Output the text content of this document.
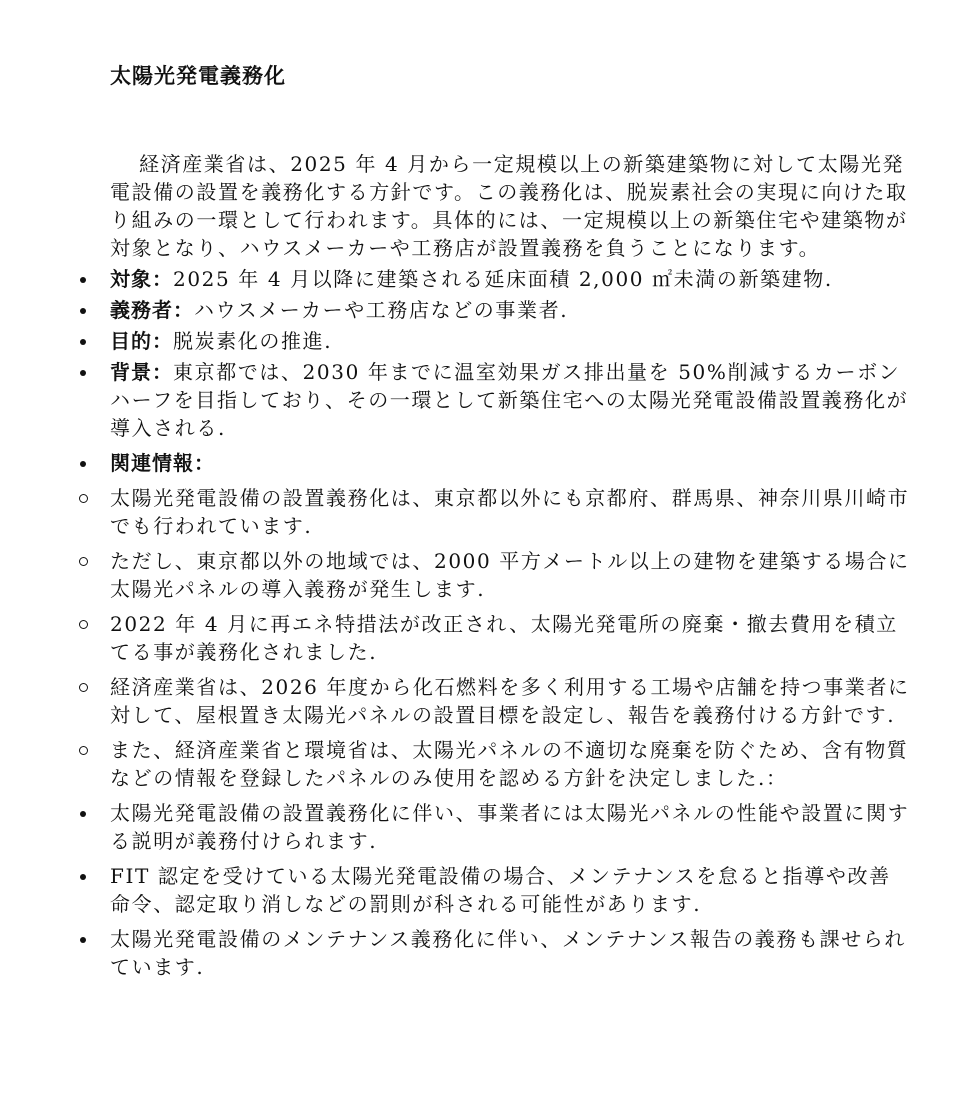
太陽光発電義務化

経済産業省は、2025 年 4 月から一定規模以上の新築建築物に対して太陽光発電設備の設置を義務化する方針です。この義務化は、脱炭素社会の実現に向けた取り組みの一環として行われます。具体的には、一定規模以上の新築住宅や建築物が対象となり、ハウスメーカーや工務店が設置義務を負うことになります。

対象：2025 年 4 月以降に建築される延床面積 2,000 ㎡未満の新築建物.
義務者：ハウスメーカーや工務店などの事業者.
目的：脱炭素化の推進.
背景：東京都では、2030 年までに温室効果ガス排出量を 50%削減するカーボンハーフを目指しており、その一環として新築住宅への太陽光発電設備設置義務化が導入される.
関連情報：
太陽光発電設備の設置義務化は、東京都以外にも京都府、群馬県、神奈川県川崎市でも行われています.
ただし、東京都以外の地域では、2000 平方メートル以上の建物を建築する場合に太陽光パネルの導入義務が発生します.
2022 年 4 月に再エネ特措法が改正され、太陽光発電所の廃棄・撤去費用を積立てる事が義務化されました.
経済産業省は、2026 年度から化石燃料を多く利用する工場や店舗を持つ事業者に対して、屋根置き太陽光パネルの設置目標を設定し、報告を義務付ける方針です.
また、経済産業省と環境省は、太陽光パネルの不適切な廃棄を防ぐため、含有物質などの情報を登録したパネルのみ使用を認める方針を決定しました.：
太陽光発電設備の設置義務化に伴い、事業者には太陽光パネルの性能や設置に関する説明が義務付けられます.
FIT 認定を受けている太陽光発電設備の場合、メンテナンスを怠ると指導や改善命令、認定取り消しなどの罰則が科される可能性があります.
太陽光発電設備のメンテナンス義務化に伴い、メンテナンス報告の義務も課せられています.
